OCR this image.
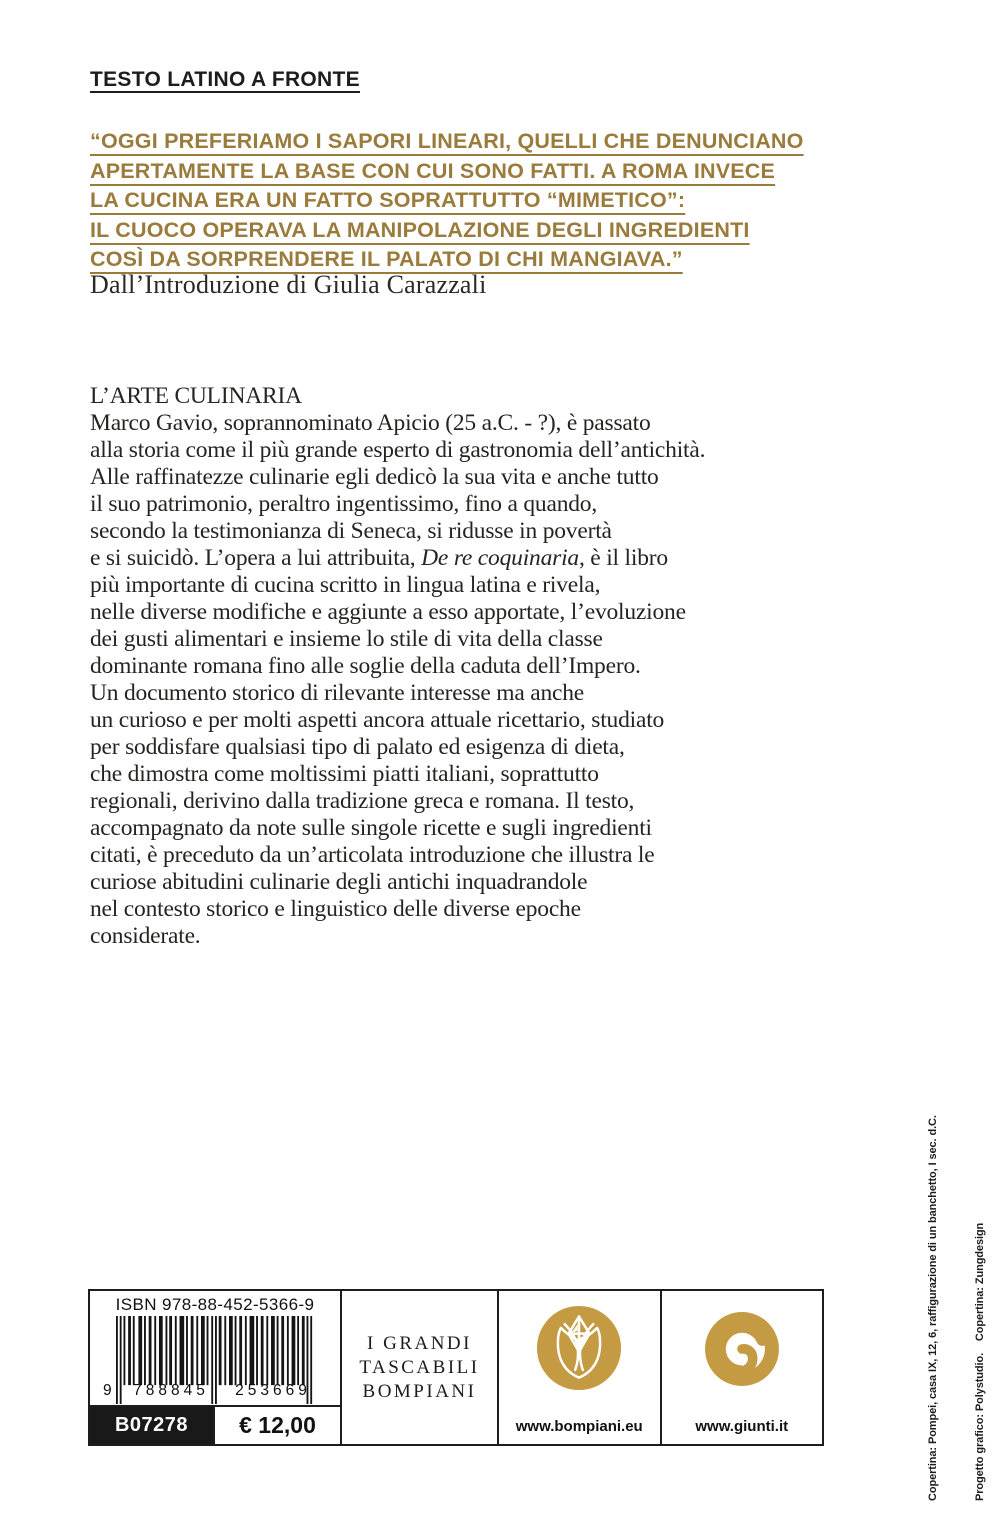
TESTO LATINO A FRONTE
“OGGI PREFERIAMO I SAPORI LINEARI, QUELLI CHE DENUNCIANO
APERTAMENTE LA BASE CON CUI SONO FATTI. A ROMA INVECE
LA CUCINA ERA UN FATTO SOPRATTUTTO “MIMETICO”:
IL CUOCO OPERAVA LA MANIPOLAZIONE DEGLI INGREDIENTI
COSÌ DA SORPRENDERE IL PALATO DI CHI MANGIAVA.”
Dall’Introduzione di Giulia Carazzali
L’ARTE CULINARIA
Marco Gavio, soprannominato Apicio (25 a.C. - ?), è passato
alla storia come il più grande esperto di gastronomia dell’antichità.
Alle raffinatezze culinarie egli dedicò la sua vita e anche tutto
il suo patrimonio, peraltro ingentissimo, fino a quando,
secondo la testimonianza di Seneca, si ridusse in povertà
e si suicidò. L’opera a lui attribuita, De re coquinaria, è il libro
più importante di cucina scritto in lingua latina e rivela,
nelle diverse modifiche e aggiunte a esso apportate, l’evoluzione
dei gusti alimentari e insieme lo stile di vita della classe
dominante romana fino alle soglie della caduta dell’Impero.
Un documento storico di rilevante interesse ma anche
un curioso e per molti aspetti ancora attuale ricettario, studiato
per soddisfare qualsiasi tipo di palato ed esigenza di dieta,
che dimostra come moltissimi piatti italiani, soprattutto
regionali, derivino dalla tradizione greca e romana. Il testo,
accompagnato da note sulle singole ricette e sugli ingredienti
citati, è preceduto da un’articolata introduzione che illustra le
curiose abitudini culinarie degli antichi inquadrandole
nel contesto storico e linguistico delle diverse epoche
considerate.
ISBN 978-88-452-5366-9
9	788845	253669
B07278	€ 12,00
I GRANDI
TASCABILI
BOMPIANI
www.bompiani.eu	www.giunti.it

	Copertina: Pompei, casa IX, 12, 6, raffigurazione di un banchetto, I sec. d.C.

	Progetto grafico: Polystudio.    Copertina: Zungdesign
